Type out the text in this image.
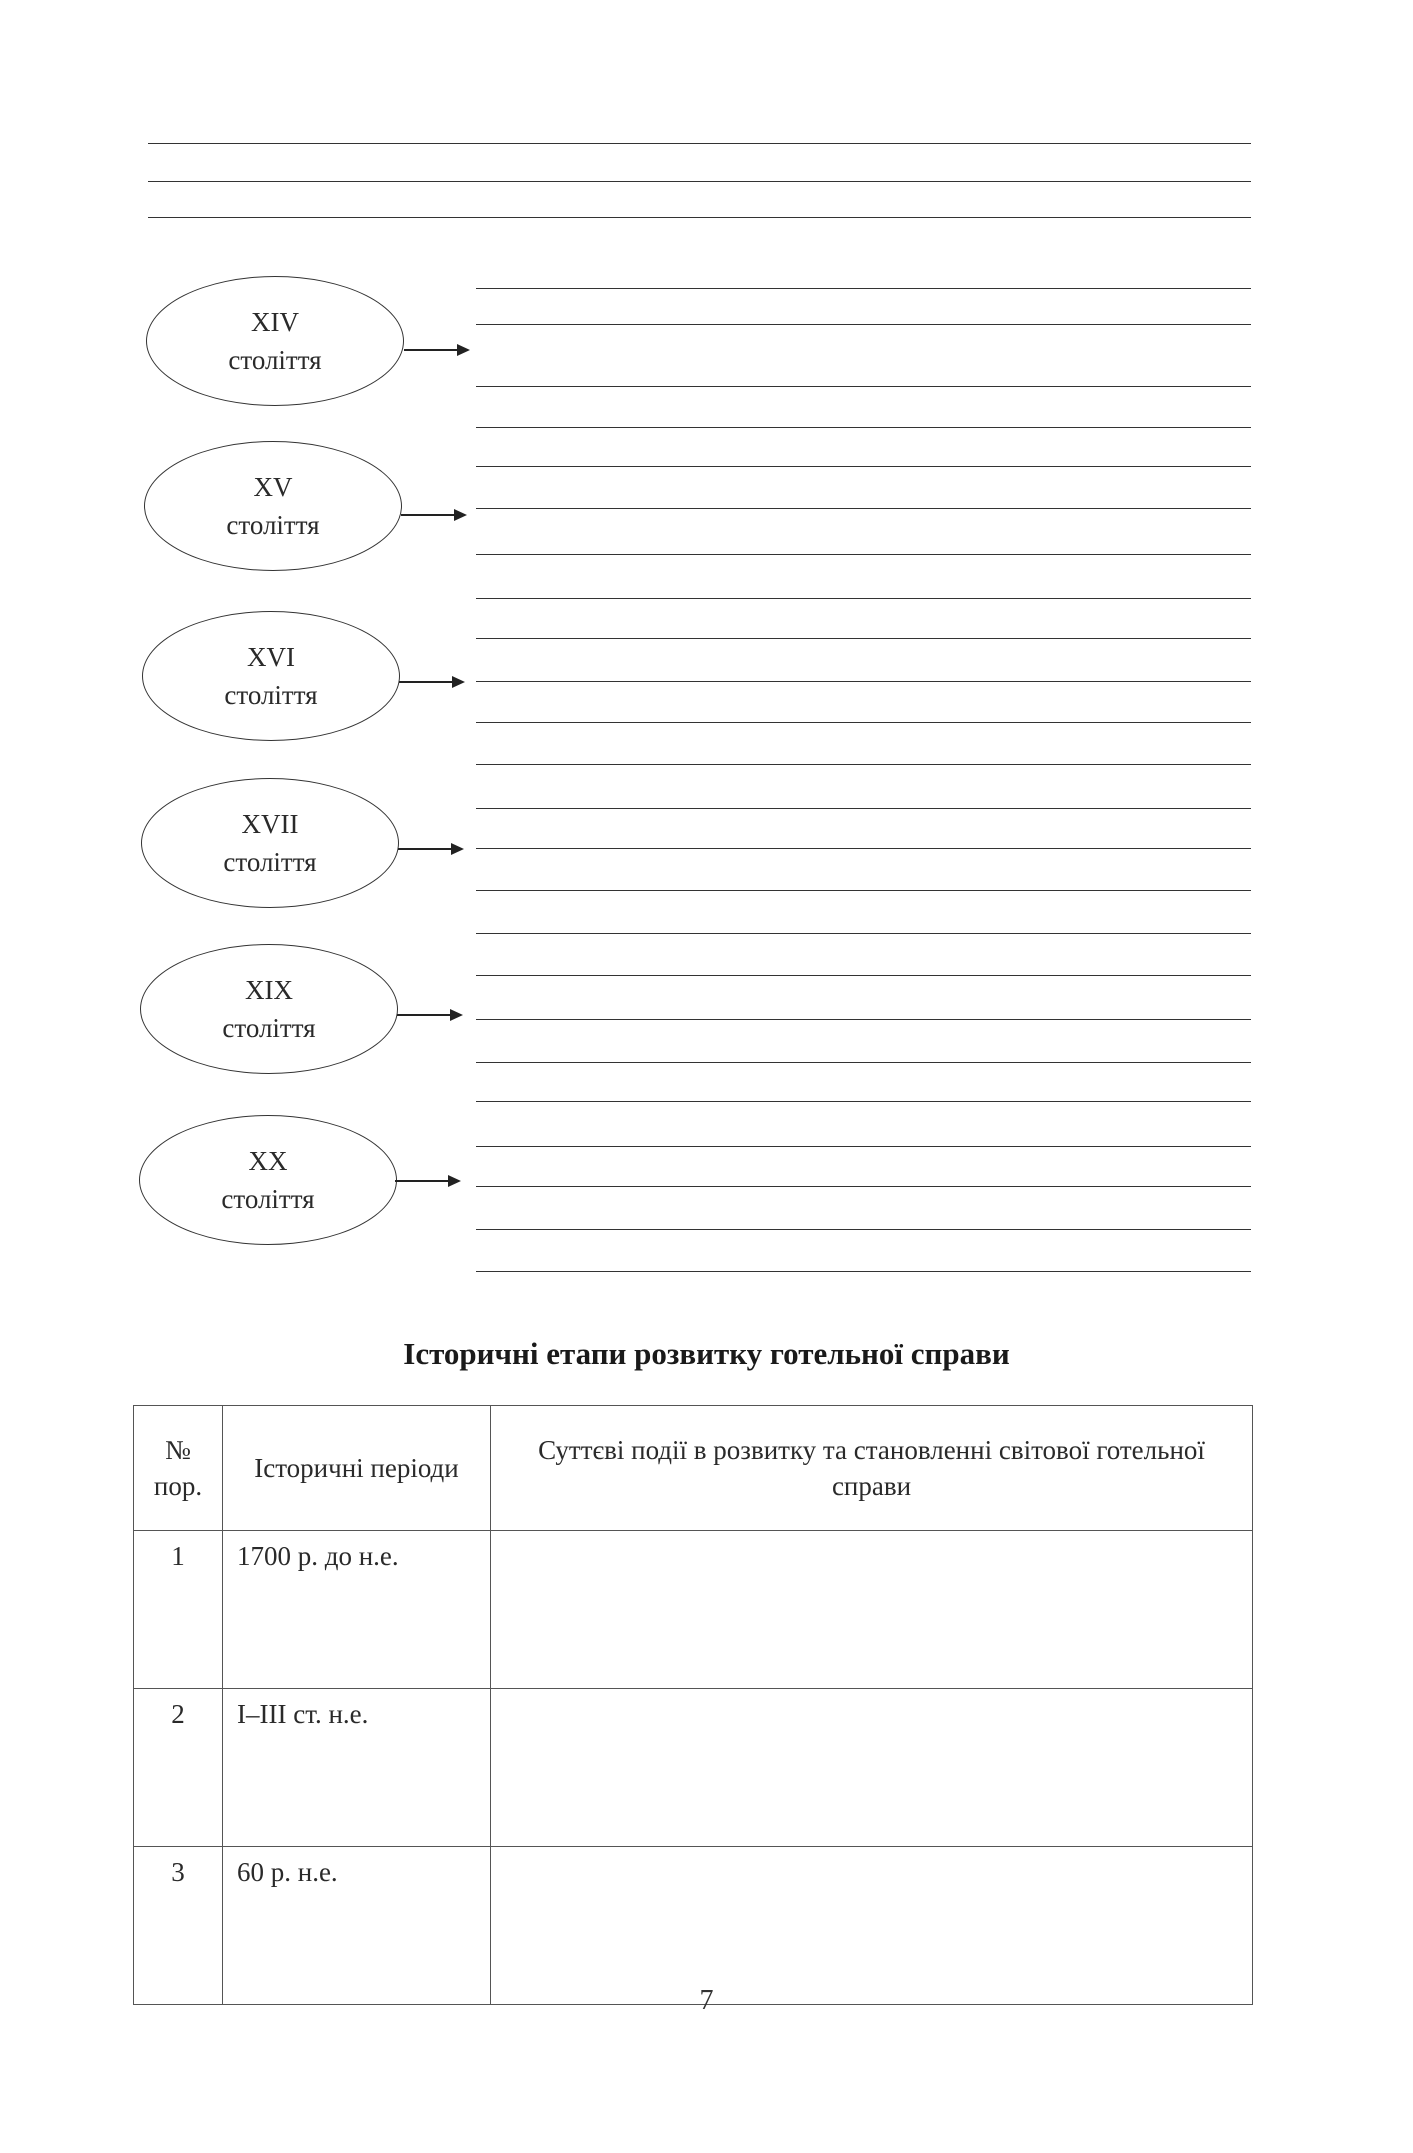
XIV
століття
XV
століття
XVI
століття
XVII
століття
XIX
століття
XX
століття
Історичні етапи розвитку готельної справи
№ пор.	Історичні періоди	Суттєві події в розвитку та становленні світової готельної справи
1	1700 р. до н.е.	
2	I–III ст. н.е.	
3	60 р. н.е.	
7
